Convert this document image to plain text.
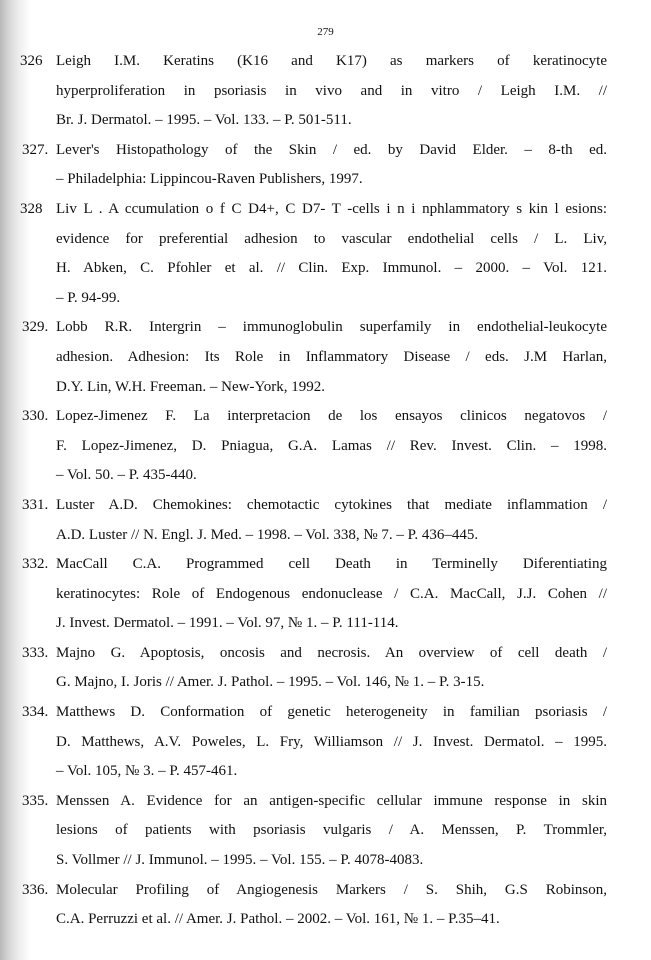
279
326 Leigh I.M. Keratins (K16 and K17) as markers of keratinocyte
hyperproliferation in psoriasis in vivo and in vitro / Leigh I.M. //
Br. J. Dermatol. – 1995. – Vol. 133. – P. 501-511.
327. Lever's Histopathology of the Skin / ed. by David Elder. – 8-th ed.
– Philadelphia: Lippincou-Raven Publishers, 1997.
328 Liv L . A ccumulation o f C D4+, C D7- T -cells i n i nphlammatory s kin l esions:
evidence for preferential adhesion to vascular endothelial cells / L. Liv,
H. Abken, C. Pfohler et al. // Clin. Exp. Immunol. – 2000. – Vol. 121.
– P. 94-99.
329. Lobb R.R. Intergrin – immunoglobulin superfamily in endothelial-leukocyte
adhesion. Adhesion: Its Role in Inflammatory Disease / eds. J.M Harlan,
D.Y. Lin, W.H. Freeman. – New-York, 1992.
330. Lopez-Jimenez F. La interpretacion de los ensayos clinicos negatovos /
F. Lopez-Jimenez, D. Pniagua, G.A. Lamas // Rev. Invest. Clin. – 1998.
– Vol. 50. – P. 435-440.
331. Luster A.D. Chemokines: chemotactic cytokines that mediate inflammation /
A.D. Luster // N. Engl. J. Med. – 1998. – Vol. 338, № 7. – P. 436–445.
332. MacCall C.A. Programmed cell Death in Terminelly Diferentiating
keratinocytes: Role of Endogenous endonuclease / C.A. MacCall, J.J. Cohen //
J. Invest. Dermatol. – 1991. – Vol. 97, № 1. – P. 111-114.
333. Majno G. Apoptosis, oncosis and necrosis. An overview of cell death /
G. Majno, I. Joris // Amer. J. Pathol. – 1995. – Vol. 146, № 1. – P. 3-15.
334. Matthews D. Conformation of genetic heterogeneity in familian psoriasis /
D. Matthews, A.V. Poweles, L. Fry, Williamson // J. Invest. Dermatol. – 1995.
– Vol. 105, № 3. – P. 457-461.
335. Menssen A. Evidence for an antigen-specific cellular immune response in skin
lesions of patients with psoriasis vulgaris / A. Menssen, P. Trommler,
S. Vollmer // J. Immunol. – 1995. – Vol. 155. – P. 4078-4083.
336. Molecular Profiling of Angiogenesis Markers / S. Shih, G.S Robinson,
C.A. Perruzzi et al. // Amer. J. Pathol. – 2002. – Vol. 161, № 1. – P.35–41.
